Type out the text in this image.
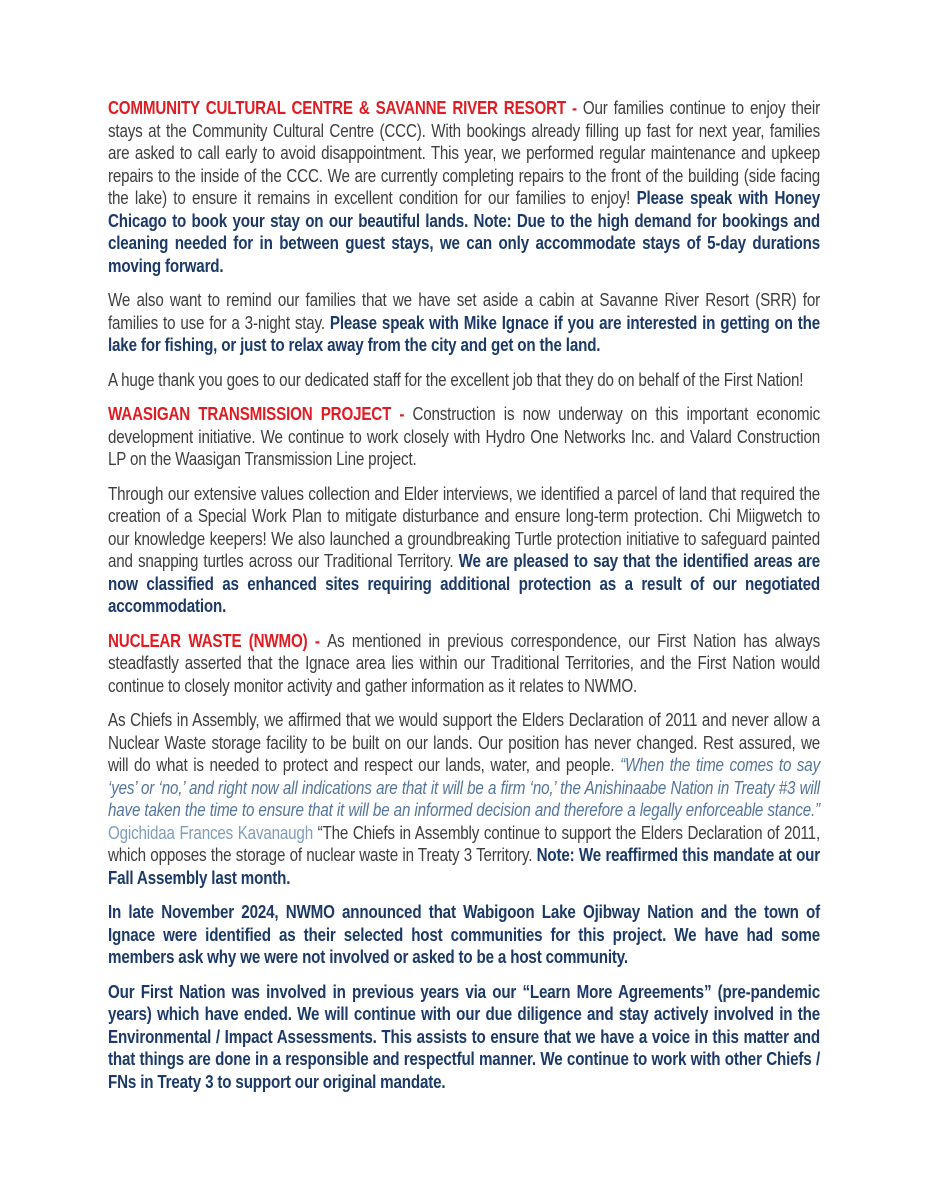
COMMUNITY CULTURAL CENTRE & SAVANNE RIVER RESORT - Our families continue to enjoy their stays at the Community Cultural Centre (CCC). With bookings already filling up fast for next year, families are asked to call early to avoid disappointment. This year, we performed regular maintenance and upkeep repairs to the inside of the CCC. We are currently completing repairs to the front of the building (side facing the lake) to ensure it remains in excellent condition for our families to enjoy! Please speak with Honey Chicago to book your stay on our beautiful lands. Note: Due to the high demand for bookings and cleaning needed for in between guest stays, we can only accommodate stays of 5-day durations moving forward.

We also want to remind our families that we have set aside a cabin at Savanne River Resort (SRR) for families to use for a 3-night stay. Please speak with Mike Ignace if you are interested in getting on the lake for fishing, or just to relax away from the city and get on the land.

A huge thank you goes to our dedicated staff for the excellent job that they do on behalf of the First Nation!

WAASIGAN TRANSMISSION PROJECT - Construction is now underway on this important economic development initiative. We continue to work closely with Hydro One Networks Inc. and Valard Construction LP on the Waasigan Transmission Line project.

Through our extensive values collection and Elder interviews, we identified a parcel of land that required the creation of a Special Work Plan to mitigate disturbance and ensure long-term protection. Chi Miigwetch to our knowledge keepers! We also launched a groundbreaking Turtle protection initiative to safeguard painted and snapping turtles across our Traditional Territory. We are pleased to say that the identified areas are now classified as enhanced sites requiring additional protection as a result of our negotiated accommodation.

NUCLEAR WASTE (NWMO) - As mentioned in previous correspondence, our First Nation has always steadfastly asserted that the Ignace area lies within our Traditional Territories, and the First Nation would continue to closely monitor activity and gather information as it relates to NWMO.

As Chiefs in Assembly, we affirmed that we would support the Elders Declaration of 2011 and never allow a Nuclear Waste storage facility to be built on our lands. Our position has never changed. Rest assured, we will do what is needed to protect and respect our lands, water, and people. “When the time comes to say ‘yes’ or ‘no,’ and right now all indications are that it will be a firm ‘no,’ the Anishinaabe Nation in Treaty #3 will have taken the time to ensure that it will be an informed decision and therefore a legally enforceable stance.” Ogichidaa Frances Kavanaugh “The Chiefs in Assembly continue to support the Elders Declaration of 2011, which opposes the storage of nuclear waste in Treaty 3 Territory. Note: We reaffirmed this mandate at our Fall Assembly last month.

In late November 2024, NWMO announced that Wabigoon Lake Ojibway Nation and the town of Ignace were identified as their selected host communities for this project. We have had some members ask why we were not involved or asked to be a host community.

Our First Nation was involved in previous years via our “Learn More Agreements” (pre-pandemic years) which have ended. We will continue with our due diligence and stay actively involved in the Environmental / Impact Assessments. This assists to ensure that we have a voice in this matter and that things are done in a responsible and respectful manner. We continue to work with other Chiefs / FNs in Treaty 3 to support our original mandate.
